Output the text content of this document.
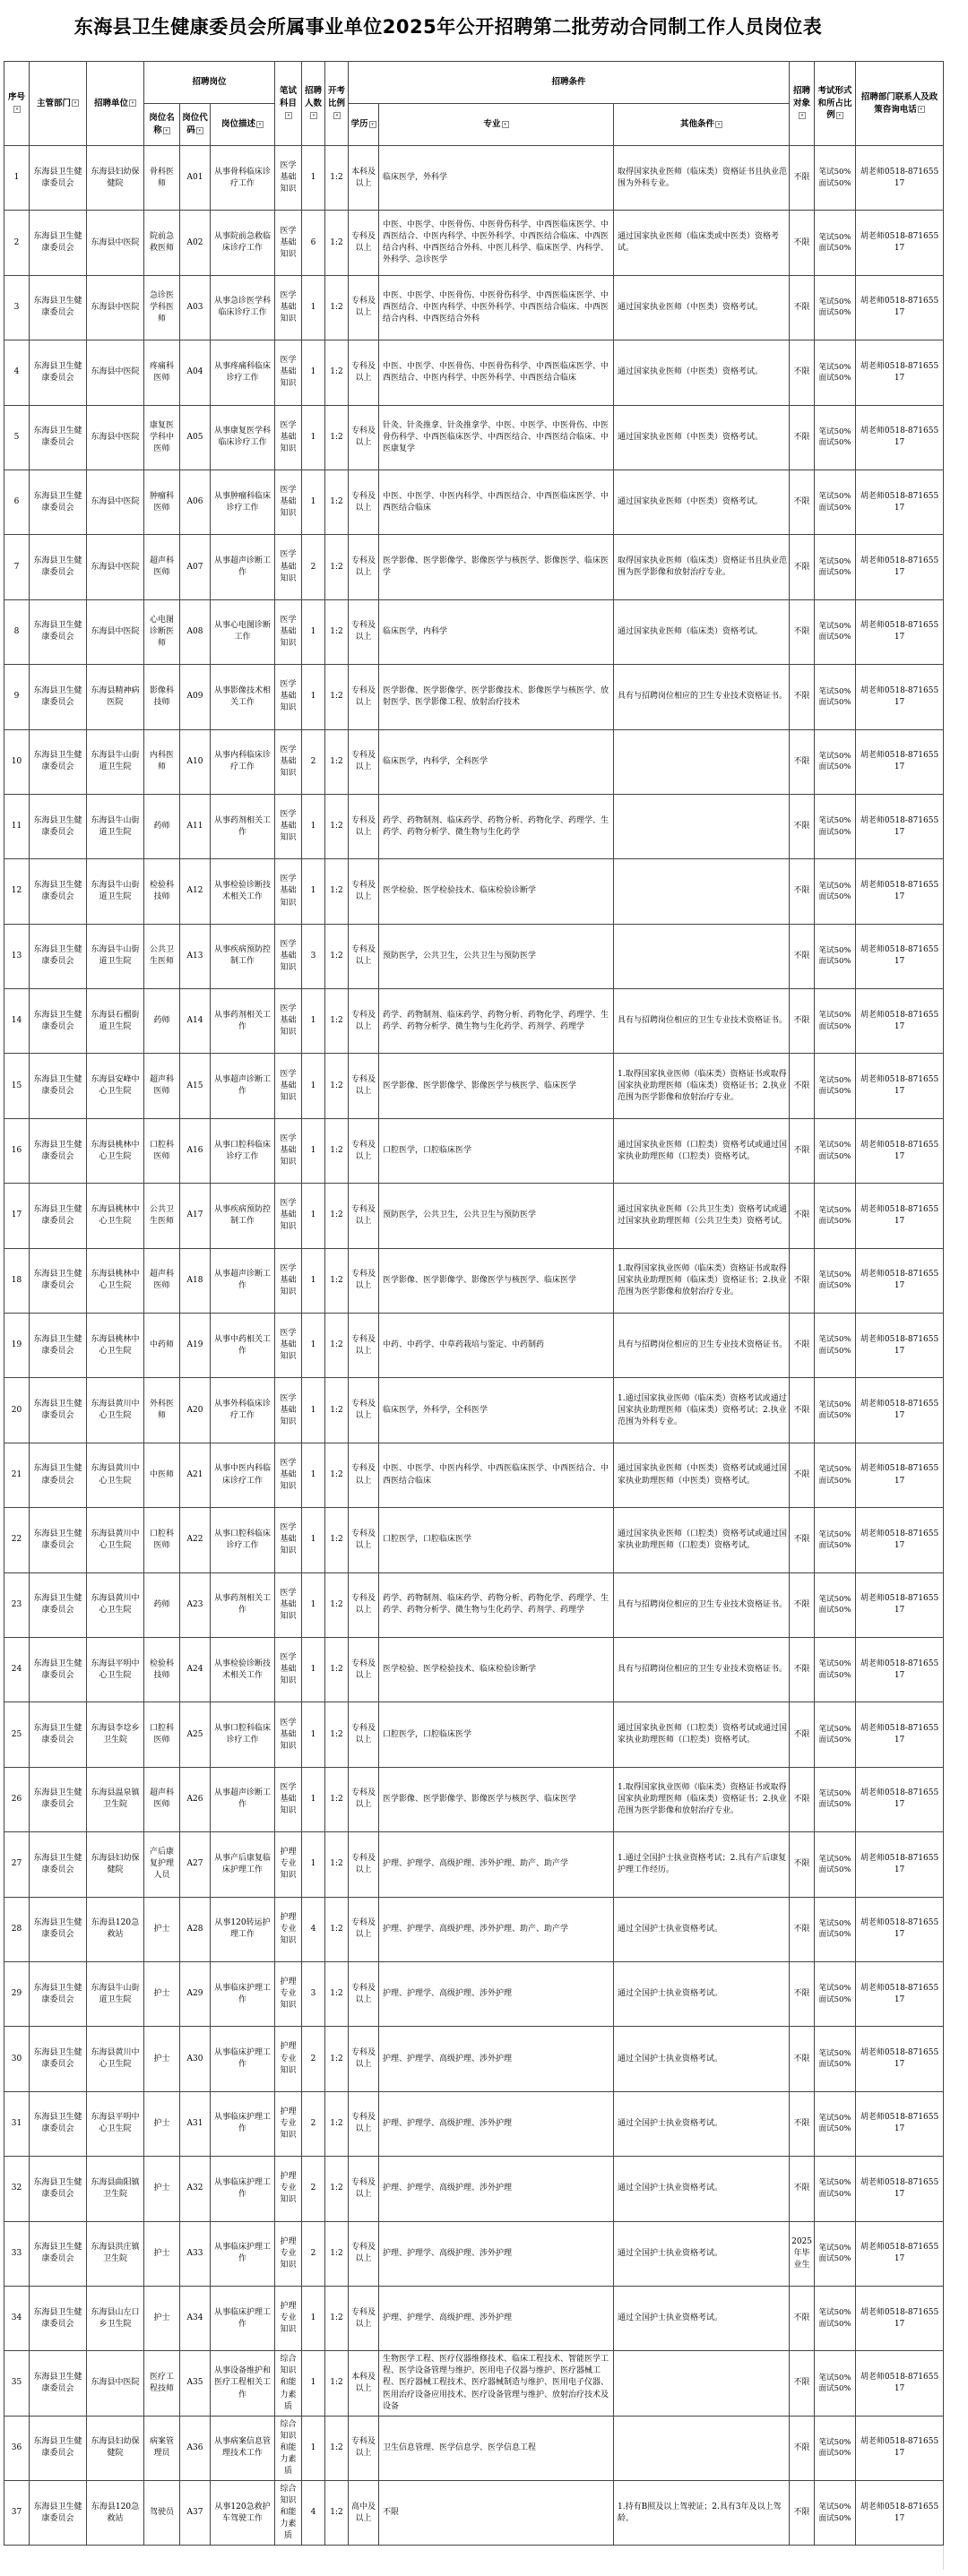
东海县卫生健康委员会所属事业单位2025年公开招聘第二批劳动合同制工作人员岗位表
序号▾	主管部门 ▾	招聘单位 ▾	招聘岗位			笔试科目▾	招聘人数▾	开考比例▾	招聘条件			招聘对象▾	考试形式和所占比例 ▾	招聘部门联系人及政策咨询电话 ▾
			岗位名称 ▾	岗位代码 ▾	岗位描述 ▾				学历 ▾	专业 ▾	其他条件 ▾			
1	东海县卫生健康委员会	东海县妇幼保健院	骨科医师	A01	从事骨科临床诊疗工作	医学基础知识	1	1:2	本科及以上	临床医学，外科学	取得国家执业医师（临床类）资格证书且执业范围为外科专业。	不限	笔试50%面试50%	胡老师0518-87165517
2	东海县卫生健康委员会	东海县中医院	院前急救医师	A02	从事院前急救临床诊疗工作	医学基础知识	6	1:2	专科及以上	中医、中医学、中医骨伤、中医骨伤科学、中西医临床医学、中西医结合、中医内科学、中医外科学、中西医结合临床、中西医结合内科、中西医结合外科、中医儿科学、临床医学、内科学、外科学、急诊医学	通过国家执业医师（临床类或中医类）资格考试。	不限	笔试50%面试50%	胡老师0518-87165517
3	东海县卫生健康委员会	东海县中医院	急诊医学科医师	A03	从事急诊医学科临床诊疗工作	医学基础知识	1	1:2	专科及以上	中医、中医学、中医骨伤、中医骨伤科学、中西医临床医学、中西医结合、中医内科学、中医外科学、中西医结合临床、中西医结合内科、中西医结合外科	通过国家执业医师（中医类）资格考试。	不限	笔试50%面试50%	胡老师0518-87165517
4	东海县卫生健康委员会	东海县中医院	疼痛科医师	A04	从事疼痛科临床诊疗工作	医学基础知识	1	1:2	专科及以上	中医、中医学、中医骨伤、中医骨伤科学、中西医临床医学、中西医结合、中医内科学、中医外科学、中西医结合临床	通过国家执业医师（中医类）资格考试。	不限	笔试50%面试50%	胡老师0518-87165517
5	东海县卫生健康委员会	东海县中医院	康复医学科中医师	A05	从事康复医学科临床诊疗工作	医学基础知识	1	1:2	专科及以上	针灸、针灸推拿、针灸推拿学、中医、中医学、中医骨伤、中医骨伤科学、中西医临床医学、中西医结合、中西医结合临床、中医康复学	通过国家执业医师（中医类）资格考试。	不限	笔试50%面试50%	胡老师0518-87165517
6	东海县卫生健康委员会	东海县中医院	肿瘤科医师	A06	从事肿瘤科临床诊疗工作	医学基础知识	1	1:2	专科及以上	中医、中医学、中医内科学、中西医结合、中西医临床医学、中西医结合临床	通过国家执业医师（中医类）资格考试。	不限	笔试50%面试50%	胡老师0518-87165517
7	东海县卫生健康委员会	东海县中医院	超声科医师	A07	从事超声诊断工作	医学基础知识	2	1:2	专科及以上	医学影像、医学影像学、影像医学与核医学、影像医学、临床医学	取得国家执业医师（临床类）资格证书且执业范围为医学影像和放射治疗专业。	不限	笔试50%面试50%	胡老师0518-87165517
8	东海县卫生健康委员会	东海县中医院	心电图诊断医师	A08	从事心电图诊断工作	医学基础知识	1	1:2	专科及以上	临床医学，内科学	通过国家执业医师（临床类）资格考试。	不限	笔试50%面试50%	胡老师0518-87165517
9	东海县卫生健康委员会	东海县精神病医院	影像科技师	A09	从事影像技术相关工作	医学基础知识	1	1:2	专科及以上	医学影像、医学影像学、医学影像技术、影像医学与核医学、放射医学、医学影像工程、放射治疗技术	具有与招聘岗位相应的卫生专业技术资格证书。	不限	笔试50%面试50%	胡老师0518-87165517
10	东海县卫生健康委员会	东海县牛山街道卫生院	内科医师	A10	从事内科临床诊疗工作	医学基础知识	2	1:2	专科及以上	临床医学，内科学，全科医学		不限	笔试50%面试50%	胡老师0518-87165517
11	东海县卫生健康委员会	东海县牛山街道卫生院	药师	A11	从事药剂相关工作	医学基础知识	1	1:2	专科及以上	药学、药物制剂、临床药学、药物分析、药物化学、药理学、生药学、药物分析学、微生物与生化药学		不限	笔试50%面试50%	胡老师0518-87165517
12	东海县卫生健康委员会	东海县牛山街道卫生院	检验科技师	A12	从事检验诊断技术相关工作	医学基础知识	1	1:2	专科及以上	医学检验、医学检验技术、临床检验诊断学		不限	笔试50%面试50%	胡老师0518-87165517
13	东海县卫生健康委员会	东海县牛山街道卫生院	公共卫生医师	A13	从事疾病预防控制工作	医学基础知识	3	1:2	专科及以上	预防医学，公共卫生，公共卫生与预防医学		不限	笔试50%面试50%	胡老师0518-87165517
14	东海县卫生健康委员会	东海县石榴街道卫生院	药师	A14	从事药剂相关工作	医学基础知识	1	1:2	专科及以上	药学、药物制剂、临床药学、药物分析、药物化学、药理学、生药学、药物分析学、微生物与生化药学、药剂学、药理学	具有与招聘岗位相应的卫生专业技术资格证书。	不限	笔试50%面试50%	胡老师0518-87165517
15	东海县卫生健康委员会	东海县安峰中心卫生院	超声科医师	A15	从事超声诊断工作	医学基础知识	1	1:2	专科及以上	医学影像、医学影像学、影像医学与核医学、临床医学	1.取得国家执业医师（临床类）资格证书或取得国家执业助理医师（临床类）资格证书；2.执业范围为医学影像和放射治疗专业。	不限	笔试50%面试50%	胡老师0518-87165517
16	东海县卫生健康委员会	东海县桃林中心卫生院	口腔科医师	A16	从事口腔科临床诊疗工作	医学基础知识	1	1:2	专科及以上	口腔医学，口腔临床医学	通过国家执业医师（口腔类）资格考试或通过国家执业助理医师（口腔类）资格考试。	不限	笔试50%面试50%	胡老师0518-87165517
17	东海县卫生健康委员会	东海县桃林中心卫生院	公共卫生医师	A17	从事疾病预防控制工作	医学基础知识	1	1:2	专科及以上	预防医学，公共卫生，公共卫生与预防医学	通过国家执业医师（公共卫生类）资格考试或通过国家执业助理医师（公共卫生类）资格考试。	不限	笔试50%面试50%	胡老师0518-87165517
18	东海县卫生健康委员会	东海县桃林中心卫生院	超声科医师	A18	从事超声诊断工作	医学基础知识	1	1:2	专科及以上	医学影像、医学影像学、影像医学与核医学、临床医学	1.取得国家执业医师（临床类）资格证书或取得国家执业助理医师（临床类）资格证书；2.执业范围为医学影像和放射治疗专业。	不限	笔试50%面试50%	胡老师0518-87165517
19	东海县卫生健康委员会	东海县桃林中心卫生院	中药师	A19	从事中药相关工作	医学基础知识	1	1:2	专科及以上	中药、中药学、中草药栽培与鉴定、中药制药	具有与招聘岗位相应的卫生专业技术资格证书。	不限	笔试50%面试50%	胡老师0518-87165517
20	东海县卫生健康委员会	东海县黄川中心卫生院	外科医师	A20	从事外科临床诊疗工作	医学基础知识	1	1:2	专科及以上	临床医学，外科学，全科医学	1.通过国家执业医师（临床类）资格考试或通过国家执业助理医师（临床类）资格考试；2.执业范围为外科专业。	不限	笔试50%面试50%	胡老师0518-87165517
21	东海县卫生健康委员会	东海县黄川中心卫生院	中医师	A21	从事中医内科临床诊疗工作	医学基础知识	1	1:2	专科及以上	中医、中医学、中医内科学、中西医临床医学、中西医结合、中西医结合临床	通过国家执业医师（中医类）资格考试或通过国家执业助理医师（中医类）资格考试。	不限	笔试50%面试50%	胡老师0518-87165517
22	东海县卫生健康委员会	东海县黄川中心卫生院	口腔科医师	A22	从事口腔科临床诊疗工作	医学基础知识	1	1:2	专科及以上	口腔医学，口腔临床医学	通过国家执业医师（口腔类）资格考试或通过国家执业助理医师（口腔类）资格考试。	不限	笔试50%面试50%	胡老师0518-87165517
23	东海县卫生健康委员会	东海县黄川中心卫生院	药师	A23	从事药剂相关工作	医学基础知识	1	1:2	专科及以上	药学、药物制剂、临床药学、药物分析、药物化学、药理学、生药学、药物分析学、微生物与生化药学、药剂学、药理学	具有与招聘岗位相应的卫生专业技术资格证书。	不限	笔试50%面试50%	胡老师0518-87165517
24	东海县卫生健康委员会	东海县平明中心卫生院	检验科技师	A24	从事检验诊断技术相关工作	医学基础知识	1	1:2	专科及以上	医学检验、医学检验技术、临床检验诊断学	具有与招聘岗位相应的卫生专业技术资格证书。	不限	笔试50%面试50%	胡老师0518-87165517
25	东海县卫生健康委员会	东海县李埝乡卫生院	口腔科医师	A25	从事口腔科临床诊疗工作	医学基础知识	1	1:2	专科及以上	口腔医学，口腔临床医学	通过国家执业医师（口腔类）资格考试或通过国家执业助理医师（口腔类）资格考试。	不限	笔试50%面试50%	胡老师0518-87165517
26	东海县卫生健康委员会	东海县温泉镇卫生院	超声科医师	A26	从事超声诊断工作	医学基础知识	1	1:2	专科及以上	医学影像、医学影像学、影像医学与核医学、临床医学	1.取得国家执业医师（临床类）资格证书或取得国家执业助理医师（临床类）资格证书；2.执业范围为医学影像和放射治疗专业。	不限	笔试50%面试50%	胡老师0518-87165517
27	东海县卫生健康委员会	东海县妇幼保健院	产后康复护理人员	A27	从事产后康复临床护理工作	护理专业知识	1	1:2	专科及以上	护理、护理学、高级护理、涉外护理、助产、助产学	1.通过全国护士执业资格考试；2.具有产后康复护理工作经历。	不限	笔试50%面试50%	胡老师0518-87165517
28	东海县卫生健康委员会	东海县120急救站	护士	A28	从事120转运护理工作	护理专业知识	4	1:2	专科及以上	护理、护理学、高级护理、涉外护理、助产、助产学	通过全国护士执业资格考试。	不限	笔试50%面试50%	胡老师0518-87165517
29	东海县卫生健康委员会	东海县牛山街道卫生院	护士	A29	从事临床护理工作	护理专业知识	3	1:2	专科及以上	护理、护理学、高级护理、涉外护理	通过全国护士执业资格考试。	不限	笔试50%面试50%	胡老师0518-87165517
30	东海县卫生健康委员会	东海县黄川中心卫生院	护士	A30	从事临床护理工作	护理专业知识	2	1:2	专科及以上	护理、护理学、高级护理、涉外护理	通过全国护士执业资格考试。	不限	笔试50%面试50%	胡老师0518-87165517
31	东海县卫生健康委员会	东海县平明中心卫生院	护士	A31	从事临床护理工作	护理专业知识	2	1:2	专科及以上	护理、护理学、高级护理、涉外护理	通过全国护士执业资格考试。	不限	笔试50%面试50%	胡老师0518-87165517
32	东海县卫生健康委员会	东海县曲阳镇卫生院	护士	A32	从事临床护理工作	护理专业知识	2	1:2	专科及以上	护理、护理学、高级护理、涉外护理	通过全国护士执业资格考试。	不限	笔试50%面试50%	胡老师0518-87165517
33	东海县卫生健康委员会	东海县洪庄镇卫生院	护士	A33	从事临床护理工作	护理专业知识	2	1:2	专科及以上	护理、护理学、高级护理、涉外护理	通过全国护士执业资格考试。	2025年毕业生	笔试50%面试50%	胡老师0518-87165517
34	东海县卫生健康委员会	东海县山左口乡卫生院	护士	A34	从事临床护理工作	护理专业知识	1	1:2	专科及以上	护理、护理学、高级护理、涉外护理	通过全国护士执业资格考试。	不限	笔试50%面试50%	胡老师0518-87165517
35	东海县卫生健康委员会	东海县中医院	医疗工程技师	A35	从事设备维护和医疗工程相关工作	综合知识和能力素质	1	1:2	本科及以上	生物医学工程、医疗仪器维修技术、临床工程技术、智能医学工程、医学设备管理与维护、医用电子仪器与维护、医疗器械工程、医疗器械工程技术、医疗器械制造与维护、医用电子仪器、医用治疗设备应用技术、医疗设备管理与维护、放射治疗技术及设备		不限	笔试50%面试50%	胡老师0518-87165517
36	东海县卫生健康委员会	东海县妇幼保健院	病案管理员	A36	从事病案信息管理技术工作	综合知识和能力素质	1	1:2	专科及以上	卫生信息管理、医学信息学、医学信息工程		不限	笔试50%面试50%	胡老师0518-87165517
37	东海县卫生健康委员会	东海县120急救站	驾驶员	A37	从事120急救护车驾驶工作	综合知识和能力素质	4	1:2	高中及以上	不限	1.持有B照及以上驾驶证；2.具有3年及以上驾龄。	不限	笔试50%面试50%	胡老师0518-87165517
